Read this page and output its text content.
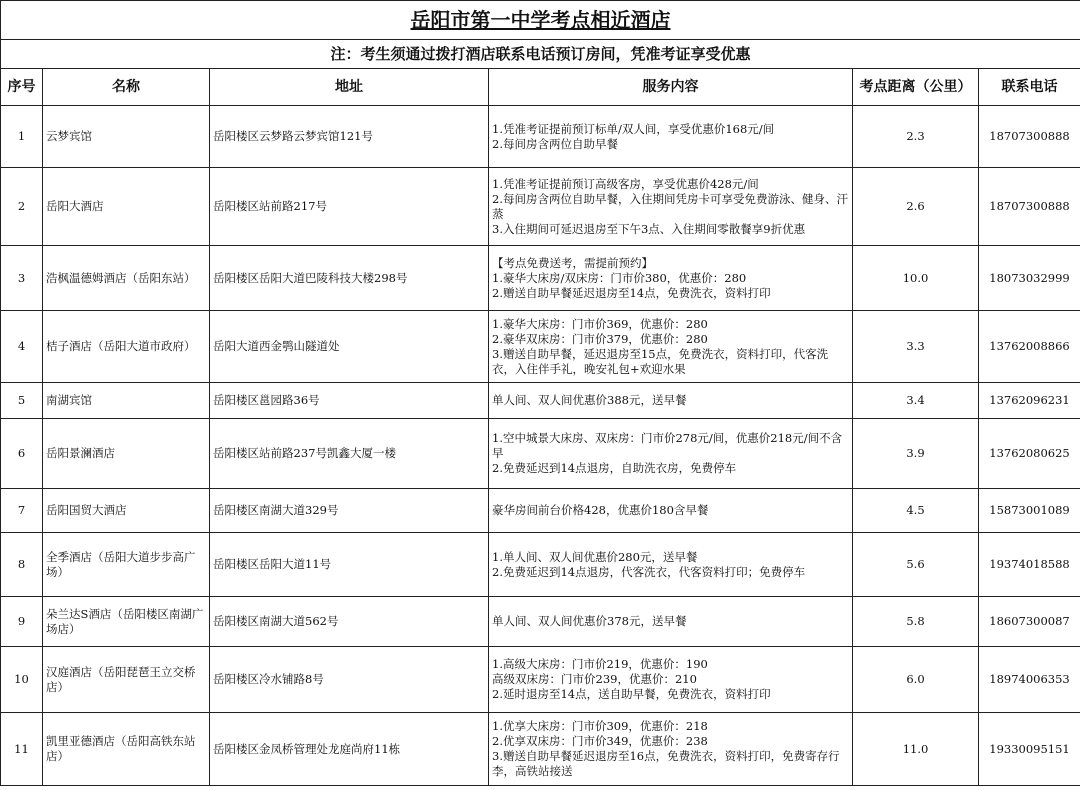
岳阳市第一中学考点相近酒店					
注：考生须通过拨打酒店联系电话预订房间，凭准考证享受优惠					
序号	名称	地址	服务内容	考点距离（公里）	联系电话
1	云梦宾馆	岳阳楼区云梦路云梦宾馆121号	1.凭准考证提前预订标单/双人间，享受优惠价168元/间
2.每间房含两位自助早餐	2.3	18707300888
2	岳阳大酒店	岳阳楼区站前路217号	1.凭准考证提前预订高级客房，享受优惠价428元/间
2.每间房含两位自助早餐，入住期间凭房卡可享受免费游泳、健身、汗蒸
3.入住期间可延迟退房至下午3点、入住期间零散餐享9折优惠	2.6	18707300888
3	浩枫温德姆酒店（岳阳东站）	岳阳楼区岳阳大道巴陵科技大楼298号	【考点免费送考，需提前预约】
1.豪华大床房/双床房：门市价380，优惠价：280
2.赠送自助早餐延迟退房至14点，免费洗衣，资料打印	10.0	18073032999
4	桔子酒店（岳阳大道市政府）	岳阳大道西金鹗山隧道处	1.豪华大床房：门市价369，优惠价：280
2.豪华双床房：门市价379，优惠价：280
3.赠送自助早餐，延迟退房至15点，免费洗衣，资料打印，代客洗衣，入住伴手礼，晚安礼包+欢迎水果	3.3	13762008866
5	南湖宾馆	岳阳楼区邕园路36号	单人间、双人间优惠价388元，送早餐	3.4	13762096231
6	岳阳景澜酒店	岳阳楼区站前路237号凯鑫大厦一楼	1.空中城景大床房、双床房：门市价278元/间，优惠价218元/间不含早
2.免费延迟到14点退房，自助洗衣房，免费停车	3.9	13762080625
7	岳阳国贸大酒店	岳阳楼区南湖大道329号	豪华房间前台价格428，优惠价180含早餐	4.5	15873001089
8	全季酒店（岳阳大道步步高广场）	岳阳楼区岳阳大道11号	1.单人间、双人间优惠价280元，送早餐
2.免费延迟到14点退房，代客洗衣，代客资料打印；免费停车	5.6	19374018588
9	朵兰达S酒店（岳阳楼区南湖广场店）	岳阳楼区南湖大道562号	单人间、双人间优惠价378元，送早餐	5.8	18607300087
10	汉庭酒店（岳阳琵琶王立交桥店）	岳阳楼区冷水铺路8号	1.高级大床房：门市价219，优惠价：190
高级双床房：门市价239，优惠价：210
2.延时退房至14点，送自助早餐，免费洗衣，资料打印	6.0	18974006353
11	凯里亚德酒店（岳阳高铁东站店）	岳阳楼区金凤桥管理处龙庭尚府11栋	1.优享大床房：门市价309，优惠价：218
2.优享双床房：门市价349，优惠价：238
3.赠送自助早餐延迟退房至16点，免费洗衣，资料打印，免费寄存行李，高铁站接送	11.0	19330095151
